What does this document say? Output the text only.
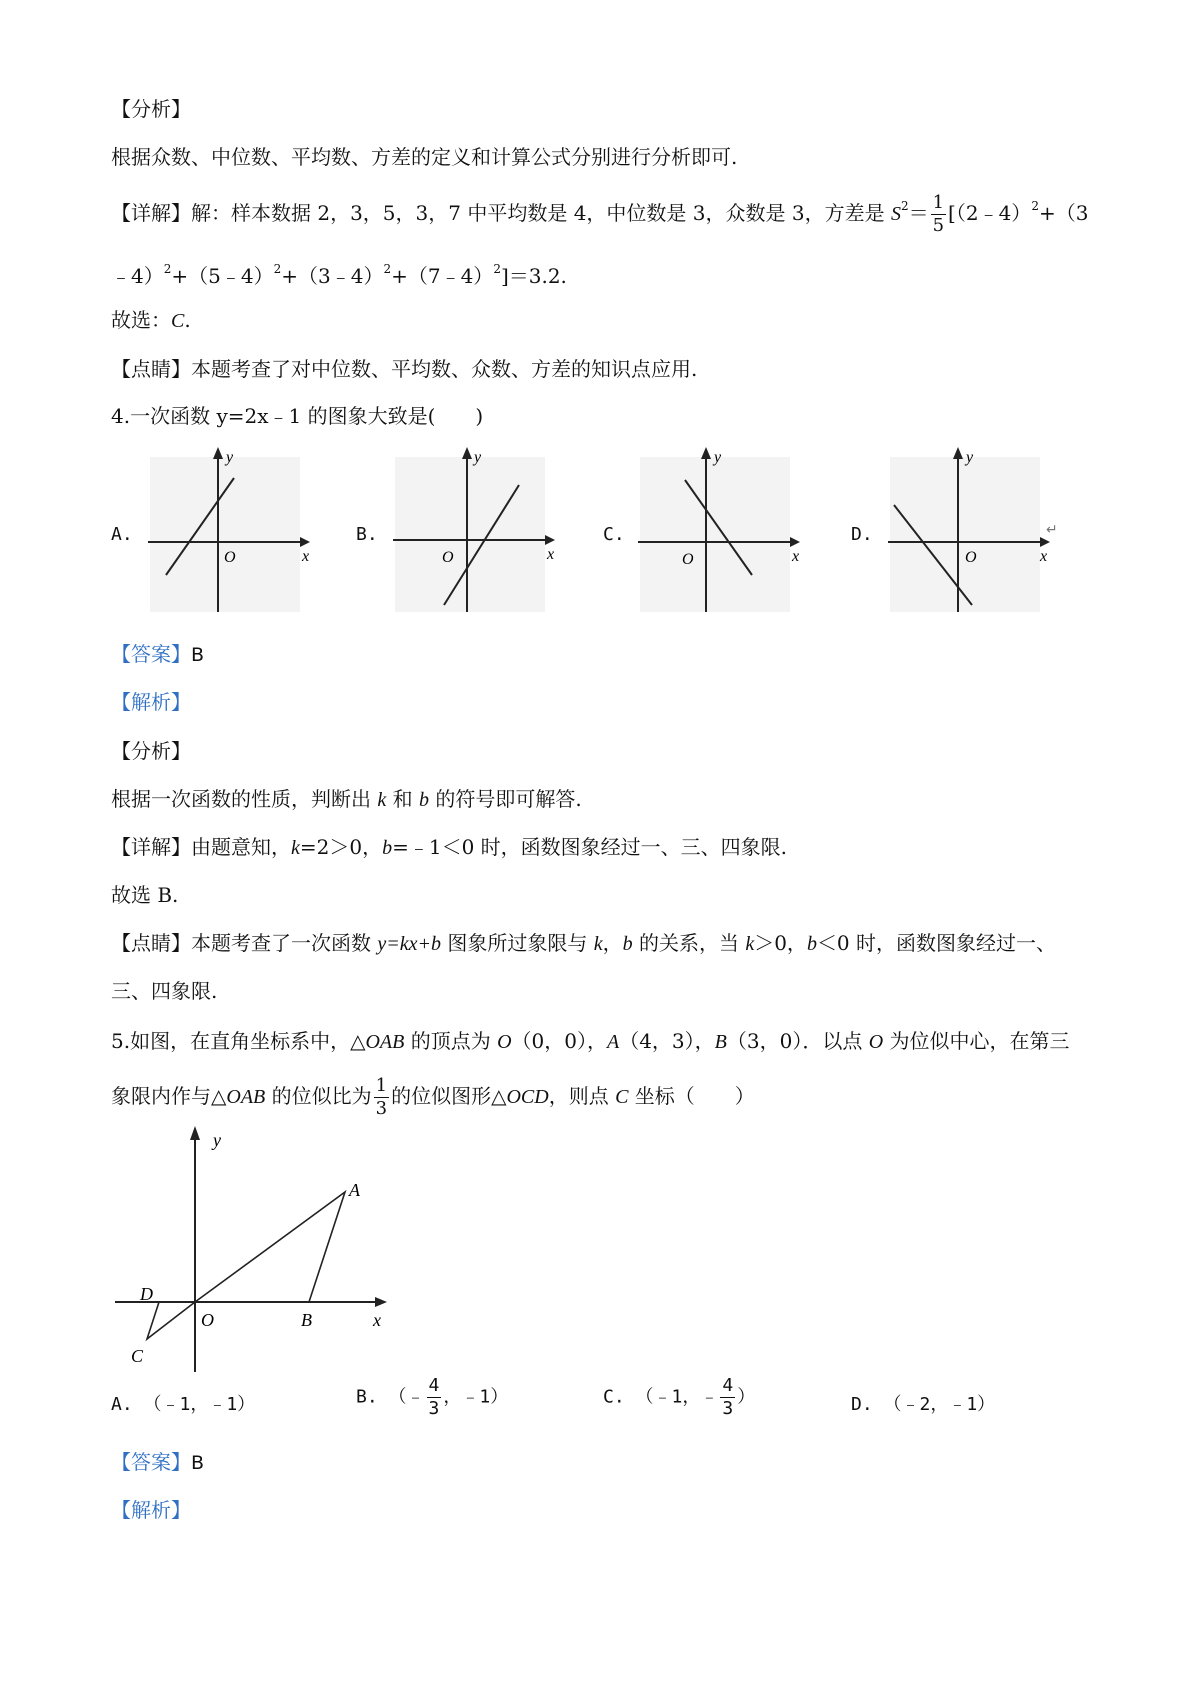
【分析】
根据众数、中位数、平均数、方差的定义和计算公式分别进行分析即可.
【详解】解：样本数据 2，3，5，3，7 中平均数是 4，中位数是 3，众数是 3，方差是 $S^2= \frac{1}{5}$ [（2﹣4）$^2$+（3
﹣4）$^2$+（5﹣4）$^2$+（3﹣4）$^2$+（7﹣4）$^2$]＝3.2.
故选：C.
【点睛】本题考查了对中位数、平均数、众数、方差的知识点应用.
4.一次函数 y=2x﹣1 的图象大致是(　　)
A.	B.	C.	D.
y
x
O
y
x
O
y
x
O
y
x
O
↵
【答案】B
【解析】
【分析】
根据一次函数的性质，判断出 k 和 b 的符号即可解答.
【详解】由题意知，k=2＞0，b=﹣1＜0 时，函数图象经过一、三、四象限.
故选 B.
【点睛】本题考查了一次函数 y=kx+b 图象所过象限与 k，b 的关系，当 k＞0，b＜0 时，函数图象经过一、
三、四象限.
5.如图，在直角坐标系中，△OAB 的顶点为 O（0，0），A（4，3），B（3，0）．以点 O 为位似中心，在第三
象限内作与△OAB 的位似比为 $\frac{1}{3}$ 的位似图形△OCD，则点 C 坐标（　　）
y
A
D
O	B	x
C
A. （﹣1，﹣1）	B. （﹣ $\frac{4}{3}$ ，﹣1）	C. （﹣1，﹣ $\frac{4}{3}$ ）	D. （﹣2，﹣1）
【答案】B
【解析】
